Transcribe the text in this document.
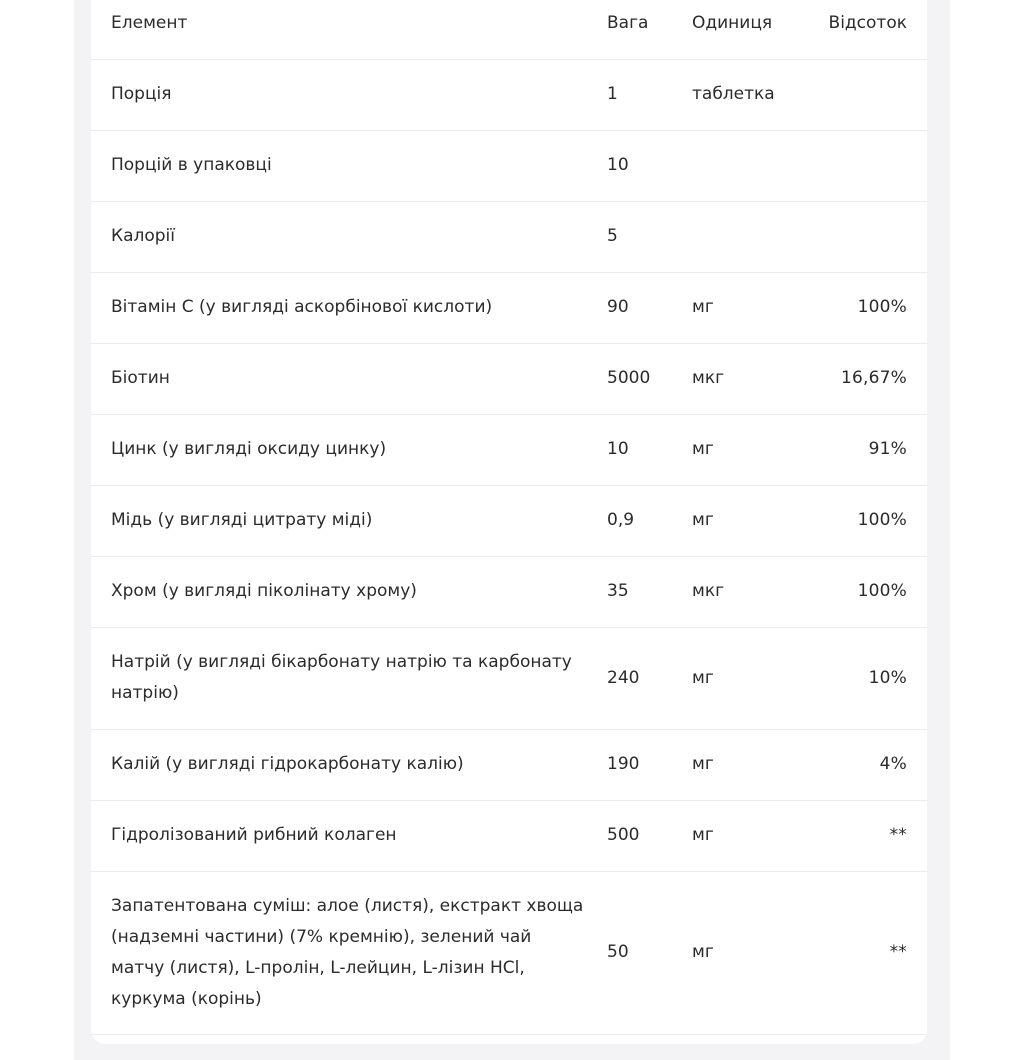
Елемент	Вага	Одиниця	Відсоток
Порція	1	таблетка	
Порцій в упаковці	10		
Калорії	5		
Вітамін С (у вигляді аскорбінової кислоти)	90	мг	100%
Біотин	5000	мкг	16,67%
Цинк (у вигляді оксиду цинку)	10	мг	91%
Мідь (у вигляді цитрату міді)	0,9	мг	100%
Хром (у вигляді піколінату хрому)	35	мкг	100%
Натрій (у вигляді бікарбонату натрію та карбонату натрію)	240	мг	10%
Калій (у вигляді гідрокарбонату калію)	190	мг	4%
Гідролізований рибний колаген	500	мг	**
Запатентована суміш: алое (листя), екстракт хвоща (надземні частини) (7% кремнію), зелений чай матчу (листя), L-пролін, L-лейцин, L-лізин HCl, куркума (корінь)	50	мг	**
